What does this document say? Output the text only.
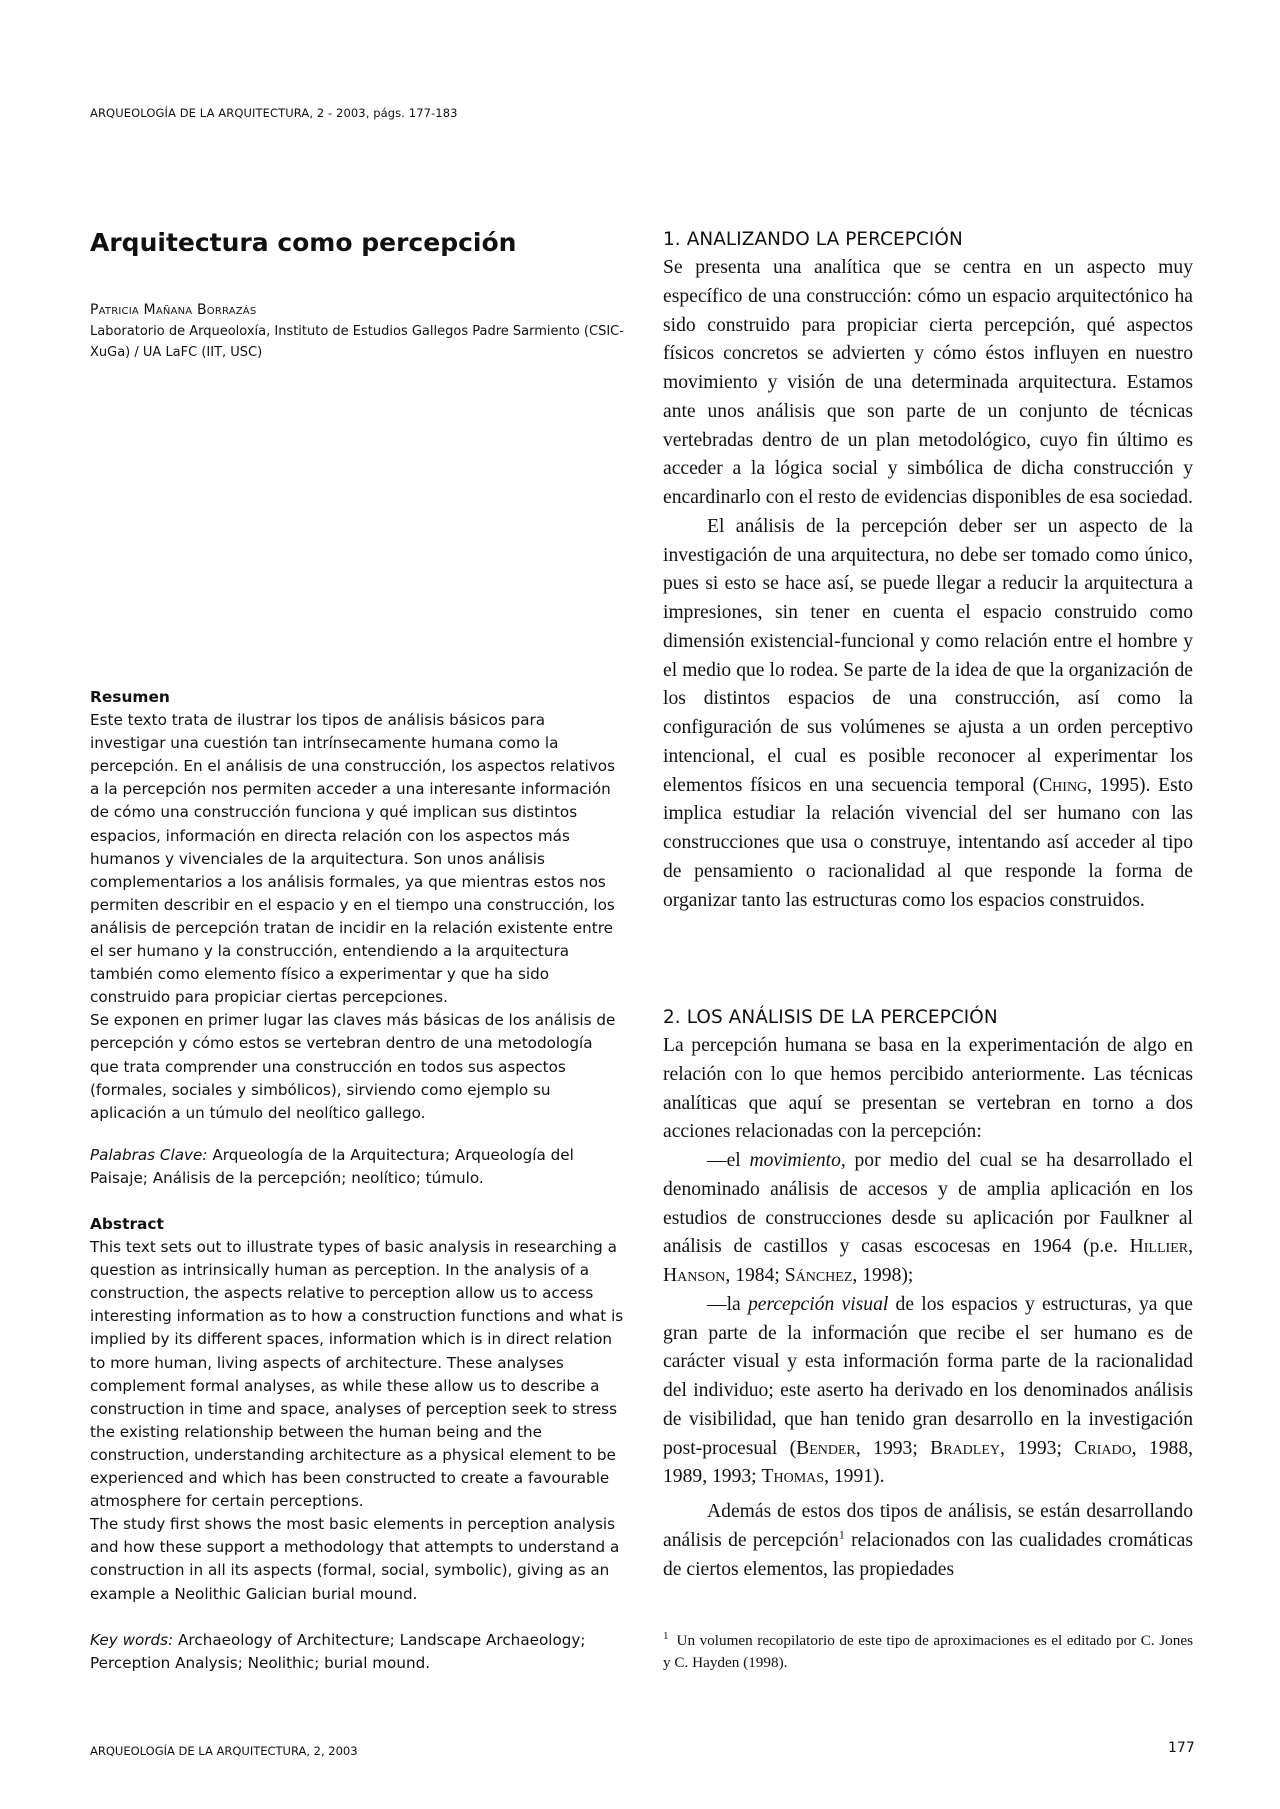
ARQUEOLOGÍA DE LA ARQUITECTURA, 2 - 2003, págs. 177-183
Arquitectura como percepción
Patricia Mañana Borrazás
Laboratorio de Arqueoloxía, Instituto de Estudios Gallegos Padre Sarmiento (CSIC-XuGa) / UA LaFC (IIT, USC)
Resumen

Este texto trata de ilustrar los tipos de análisis básicos para investigar una cuestión tan intrínsecamente humana como la percepción. En el análisis de una construcción, los aspectos relativos a la percepción nos permiten acceder a una interesante información de cómo una construcción funciona y qué implican sus distintos espacios, información en directa relación con los aspectos más humanos y vivenciales de la arquitectura. Son unos análisis complementarios a los análisis formales, ya que mientras estos nos permiten describir en el espacio y en el tiempo una construcción, los análisis de percepción tratan de incidir en la relación existente entre el ser humano y la construcción, entendiendo a la arquitectura también como elemento físico a experimentar y que ha sido construido para propiciar ciertas percepciones.

Se exponen en primer lugar las claves más básicas de los análisis de percepción y cómo estos se vertebran dentro de una metodología que trata comprender una construcción en todos sus aspectos (formales, sociales y simbólicos), sirviendo como ejemplo su aplicación a un túmulo del neolítico gallego.

Palabras Clave: Arqueología de la Arquitectura; Arqueología del Paisaje; Análisis de la percepción; neolítico; túmulo.
Abstract

This text sets out to illustrate types of basic analysis in researching a question as intrinsically human as perception. In the analysis of a construction, the aspects relative to perception allow us to access interesting information as to how a construction functions and what is implied by its different spaces, information which is in direct relation to more human, living aspects of architecture. These analyses complement formal analyses, as while these allow us to describe a construction in time and space, analyses of perception seek to stress the existing relationship between the human being and the construction, understanding architecture as a physical element to be experienced and which has been constructed to create a favourable atmosphere for certain perceptions.

The study first shows the most basic elements in perception analysis and how these support a methodology that attempts to understand a construction in all its aspects (formal, social, symbolic), giving as an example a Neolithic Galician burial mound.

Key words: Archaeology of Architecture; Landscape Archaeology; Perception Analysis; Neolithic; burial mound.
1. ANALIZANDO LA PERCEPCIÓN

Se presenta una analítica que se centra en un aspecto muy específico de una construcción: cómo un espacio arquitectónico ha sido construido para propiciar cierta percepción, qué aspectos físicos concretos se advierten y cómo éstos influyen en nuestro movimiento y visión de una determinada arquitectura. Estamos ante unos análisis que son parte de un conjunto de técnicas vertebradas dentro de un plan metodológico, cuyo fin último es acceder a la lógica social y simbólica de dicha construcción y encardinarlo con el resto de evidencias disponibles de esa sociedad.

El análisis de la percepción deber ser un aspecto de la investigación de una arquitectura, no debe ser tomado como único, pues si esto se hace así, se puede llegar a reducir la arquitectura a impresiones, sin tener en cuenta el espacio construido como dimensión existencial-funcional y como relación entre el hombre y el medio que lo rodea. Se parte de la idea de que la organización de los distintos espacios de una construcción, así como la configuración de sus volúmenes se ajusta a un orden perceptivo intencional, el cual es posible reconocer al experimentar los elementos físicos en una secuencia temporal (Ching, 1995). Esto implica estudiar la relación vivencial del ser humano con las construcciones que usa o construye, intentando así acceder al tipo de pensamiento o racionalidad al que responde la forma de organizar tanto las estructuras como los espacios construidos.

2. LOS ANÁLISIS DE LA PERCEPCIÓN

La percepción humana se basa en la experimentación de algo en relación con lo que hemos percibido anteriormente. Las técnicas analíticas que aquí se presentan se vertebran en torno a dos acciones relacionadas con la percepción:

—el movimiento, por medio del cual se ha desarrollado el denominado análisis de accesos y de amplia aplicación en los estudios de construcciones desde su aplicación por Faulkner al análisis de castillos y casas escocesas en 1964 (p.e. Hillier, Hanson, 1984; Sánchez, 1998);

—la percepción visual de los espacios y estructuras, ya que gran parte de la información que recibe el ser humano es de carácter visual y esta información forma parte de la racionalidad del individuo; este aserto ha derivado en los denominados análisis de visibilidad, que han tenido gran desarrollo en la investigación post-procesual (Bender, 1993; Bradley, 1993; Criado, 1988, 1989, 1993; Thomas, 1991).

Además de estos dos tipos de análisis, se están desarrollando análisis de percepción$^1$ relacionados con las cualidades cromáticas de ciertos elementos, las propiedades

$^1$ Un volumen recopilatorio de este tipo de aproximaciones es el editado por C. Jones y C. Hayden (1998).
ARQUEOLOGÍA DE LA ARQUITECTURA, 2, 2003	177
